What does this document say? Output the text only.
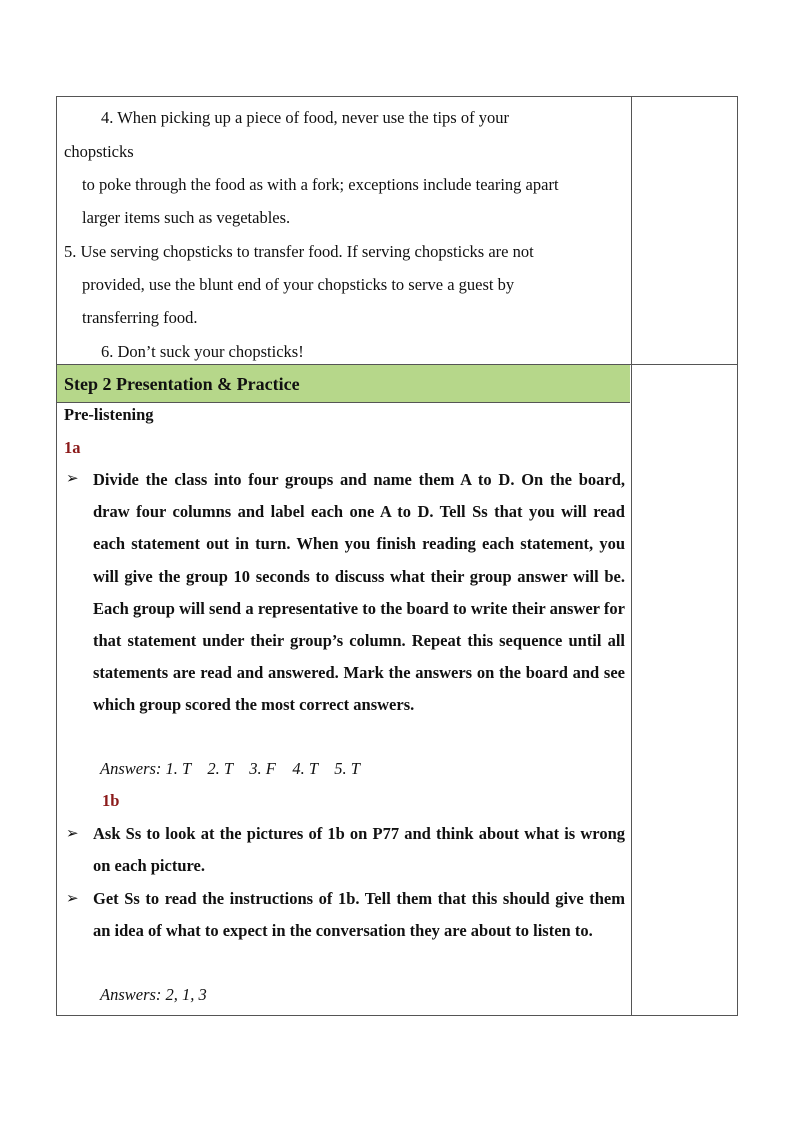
4. When picking up a piece of food, never use the tips of your
chopsticks
to poke through the food as with a fork; exceptions include tearing apart
larger items such as vegetables.
5. Use serving chopsticks to transfer food. If serving chopsticks are not
provided, use the blunt end of your chopsticks to serve a guest by
transferring food.
6. Don’t suck your chopsticks!
Step 2 Presentation & Practice
Pre-listening
1a
➢ Divide the class into four groups and name them A to D. On the board, draw four columns and label each one A to D. Tell Ss that you will read each statement out in turn. When you finish reading each statement, you will give the group 10 seconds to discuss what their group answer will be. Each group will send a representative to the board to write their answer for that statement under their group’s column. Repeat this sequence until all statements are read and answered. Mark the answers on the board and see which group scored the most correct answers.
Answers: 1. T    2. T    3. F    4. T    5. T
1b
➢ Ask Ss to look at the pictures of 1b on P77 and think about what is wrong on each picture.
➢ Get Ss to read the instructions of 1b. Tell them that this should give them an idea of what to expect in the conversation they are about to listen to.
Answers: 2, 1, 3
